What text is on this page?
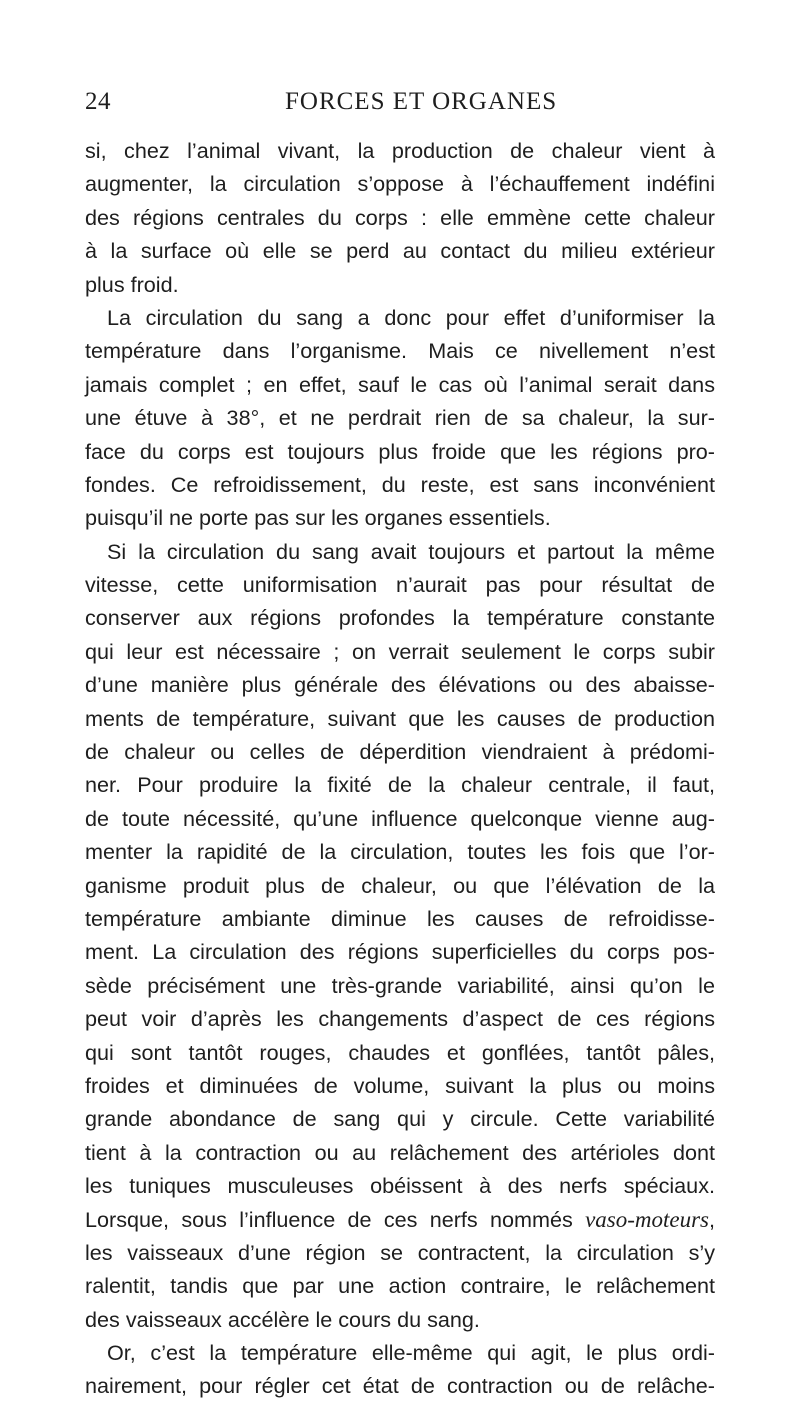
24	FORCES ET ORGANES
si, chez l’animal vivant, la production de chaleur vient à
augmenter, la circulation s’oppose à l’échauffement indéfini
des régions centrales du corps : elle emmène cette chaleur
à la surface où elle se perd au contact du milieu extérieur
plus froid.
La circulation du sang a donc pour effet d’uniformiser la
température dans l’organisme. Mais ce nivellement n’est
jamais complet ; en effet, sauf le cas où l’animal serait dans
une étuve à 38°, et ne perdrait rien de sa chaleur, la sur-
face du corps est toujours plus froide que les régions pro-
fondes. Ce refroidissement, du reste, est sans inconvénient
puisqu’il ne porte pas sur les organes essentiels.
Si la circulation du sang avait toujours et partout la même
vitesse, cette uniformisation n’aurait pas pour résultat de
conserver aux régions profondes la température constante
qui leur est nécessaire ; on verrait seulement le corps subir
d’une manière plus générale des élévations ou des abaisse-
ments de température, suivant que les causes de production
de chaleur ou celles de déperdition viendraient à prédomi-
ner. Pour produire la fixité de la chaleur centrale, il faut,
de toute nécessité, qu’une influence quelconque vienne aug-
menter la rapidité de la circulation, toutes les fois que l’or-
ganisme produit plus de chaleur, ou que l’élévation de la
température ambiante diminue les causes de refroidisse-
ment. La circulation des régions superficielles du corps pos-
sède précisément une très-grande variabilité, ainsi qu’on le
peut voir d’après les changements d’aspect de ces régions
qui sont tantôt rouges, chaudes et gonflées, tantôt pâles,
froides et diminuées de volume, suivant la plus ou moins
grande abondance de sang qui y circule. Cette variabilité
tient à la contraction ou au relâchement des artérioles dont
les tuniques musculeuses obéissent à des nerfs spéciaux.
Lorsque, sous l’influence de ces nerfs nommés vaso-moteurs,
les vaisseaux d’une région se contractent, la circulation s’y
ralentit, tandis que par une action contraire, le relâchement
des vaisseaux accélère le cours du sang.
Or, c’est la température elle-même qui agit, le plus ordi-
nairement, pour régler cet état de contraction ou de relâche-
